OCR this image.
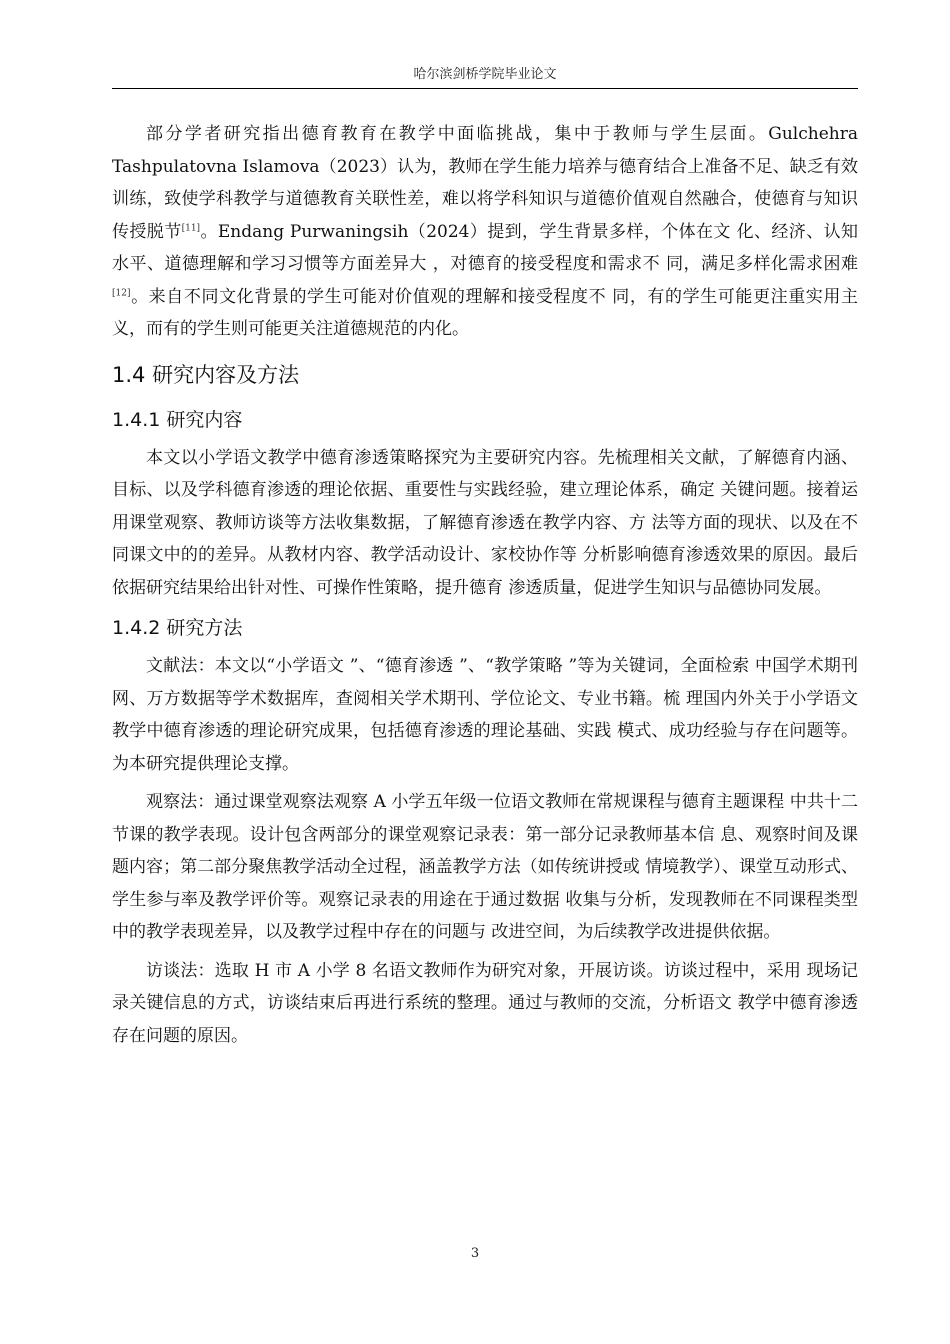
哈尔滨剑桥学院毕业论文

部分学者研究指出德育教育在教学中面临挑战，集中于教师与学生层面。Gulchehra Tashpulatovna Islamova（2023）认为，教师在学生能力培养与德育结合上准备不足、缺乏有效训练，致使学科教学与道德教育关联性差，难以将学科知识与道德价值观自然融合，使德育与知识传授脱节[11]。Endang Purwaningsih（2024）提到，学生背景多样，个体在文 化、经济、认知水平、道德理解和学习习惯等方面差异大 ，对德育的接受程度和需求不 同，满足多样化需求困难[12]。来自不同文化背景的学生可能对价值观的理解和接受程度不 同，有的学生可能更注重实用主义，而有的学生则可能更关注道德规范的内化。

1.4 研究内容及方法
1.4.1 研究内容

本文以小学语文教学中德育渗透策略探究为主要研究内容。先梳理相关文献，了解德育内涵、 目标、以及学科德育渗透的理论依据、重要性与实践经验，建立理论体系，确定 关键问题。接着运用课堂观察、教师访谈等方法收集数据，了解德育渗透在教学内容、方 法等方面的现状、以及在不同课文中的的差异。从教材内容、教学活动设计、家校协作等 分析影响德育渗透效果的原因。最后依据研究结果给出针对性、可操作性策略，提升德育 渗透质量，促进学生知识与品德协同发展。

1.4.2 研究方法

文献法：本文以“小学语文 ”、“德育渗透 ”、“教学策略 ”等为关键词，全面检索 中国学术期刊网、万方数据等学术数据库，查阅相关学术期刊、学位论文、专业书籍。梳 理国内外关于小学语文教学中德育渗透的理论研究成果，包括德育渗透的理论基础、实践 模式、成功经验与存在问题等。为本研究提供理论支撑。

观察法：通过课堂观察法观察 A 小学五年级一位语文教师在常规课程与德育主题课程 中共十二节课的教学表现。设计包含两部分的课堂观察记录表：第一部分记录教师基本信 息、观察时间及课题内容；第二部分聚焦教学活动全过程，涵盖教学方法（如传统讲授或 情境教学）、课堂互动形式、学生参与率及教学评价等。观察记录表的用途在于通过数据 收集与分析，发现教师在不同课程类型中的教学表现差异，以及教学过程中存在的问题与 改进空间，为后续教学改进提供依据。

访谈法：选取 H 市 A 小学 8 名语文教师作为研究对象，开展访谈。访谈过程中，采用 现场记录关键信息的方式，访谈结束后再进行系统的整理。通过与教师的交流，分析语文 教学中德育渗透存在问题的原因。

3
